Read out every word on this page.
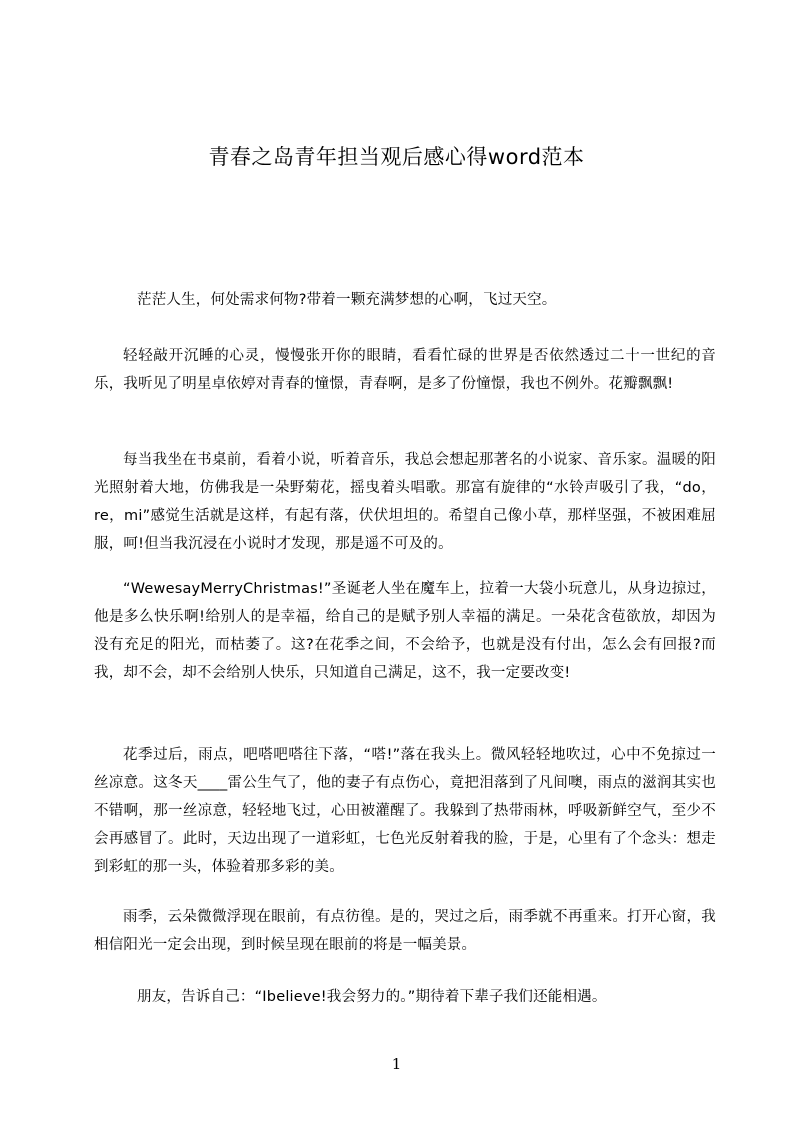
青春之岛青年担当观后感心得word范本

茫茫人生，何处需求何物?带着一颗充满梦想的心啊，飞过天空。

轻轻敲开沉睡的心灵，慢慢张开你的眼睛，看看忙碌的世界是否依然透过二十一世纪的音乐，我听见了明星卓依婷对青春的憧憬，青春啊，是多了份憧憬，我也不例外。花瓣飘飘!

每当我坐在书桌前，看着小说，听着音乐，我总会想起那著名的小说家、音乐家。温暖的阳光照射着大地，仿佛我是一朵野菊花，摇曳着头唱歌。那富有旋律的“水铃声吸引了我，“do，re，mi”感觉生活就是这样，有起有落，伏伏坦坦的。希望自己像小草，那样坚强，不被困难屈服，呵!但当我沉浸在小说时才发现，那是遥不可及的。

“WewesayMerryChristmas!”圣诞老人坐在魔车上，拉着一大袋小玩意儿，从身边掠过，他是多么快乐啊!给别人的是幸福，给自己的是赋予别人幸福的满足。一朵花含苞欲放，却因为没有充足的阳光，而枯萎了。这?在花季之间，不会给予，也就是没有付出，怎么会有回报?而我，却不会，却不会给别人快乐，只知道自己满足，这不，我一定要改变!

花季过后，雨点，吧嗒吧嗒往下落，“嗒!”落在我头上。微风轻轻地吹过，心中不免掠过一丝凉意。这冬天____雷公生气了，他的妻子有点伤心，竟把泪落到了凡间噢，雨点的滋润其实也不错啊，那一丝凉意，轻轻地飞过，心田被灌醒了。我躲到了热带雨林，呼吸新鲜空气，至少不会再感冒了。此时，天边出现了一道彩虹，七色光反射着我的脸，于是，心里有了个念头：想走到彩虹的那一头，体验着那多彩的美。

雨季，云朵微微浮现在眼前，有点彷徨。是的，哭过之后，雨季就不再重来。打开心窗，我相信阳光一定会出现，到时候呈现在眼前的将是一幅美景。

朋友，告诉自己：“Ibelieve!我会努力的。”期待着下辈子我们还能相遇。

1
